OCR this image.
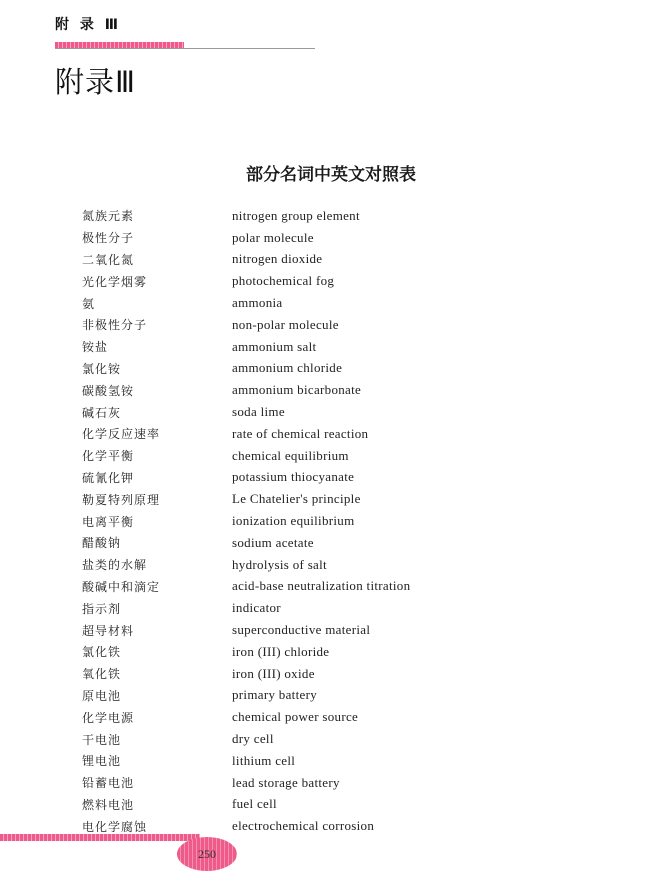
附 录 Ⅲ
附录Ⅲ
部分名词中英文对照表
氮族元素	nitrogen group element
极性分子	polar molecule
二氧化氮	nitrogen dioxide
光化学烟雾	photochemical fog
氨	ammonia
非极性分子	non-polar molecule
铵盐	ammonium salt
氯化铵	ammonium chloride
碳酸氢铵	ammonium bicarbonate
碱石灰	soda lime
化学反应速率	rate of chemical reaction
化学平衡	chemical equilibrium
硫氰化钾	potassium thiocyanate
勒夏特列原理	Le Chatelier's principle
电离平衡	ionization equilibrium
醋酸钠	sodium acetate
盐类的水解	hydrolysis of salt
酸碱中和滴定	acid-base neutralization titration
指示剂	indicator
超导材料	superconductive material
氯化铁	iron (III) chloride
氧化铁	iron (III) oxide
原电池	primary battery
化学电源	chemical power source
干电池	dry cell
锂电池	lithium cell
铅蓄电池	lead storage battery
燃料电池	fuel cell
电化学腐蚀	electrochemical corrosion
250
